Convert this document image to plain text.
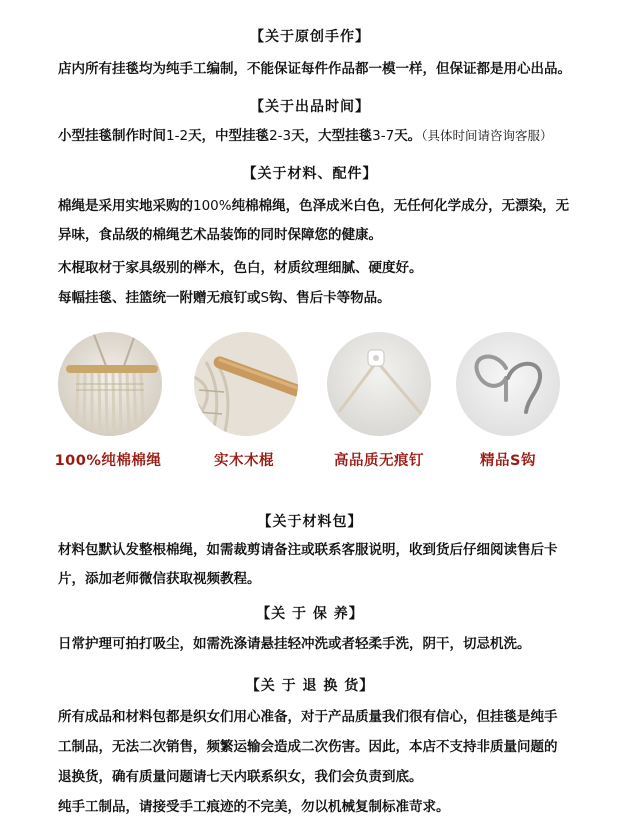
【关于原创手作】
店内所有挂毯均为纯手工编制，不能保证每件作品都一模一样，但保证都是用心出品。
【关于出品时间】
小型挂毯制作时间1-2天，中型挂毯2-3天，大型挂毯3-7天。（具体时间请咨询客服）
【关于材料、配件】
棉绳是采用实地采购的100%纯棉棉绳，色泽成米白色，无任何化学成分，无漂染，无
异味，食品级的棉绳艺术品装饰的同时保障您的健康。
木棍取材于家具级别的榉木，色白，材质纹理细腻、硬度好。
每幅挂毯、挂篮统一附赠无痕钉或S钩、售后卡等物品。
100%纯棉棉绳	实木木棍	高品质无痕钉	精品S钩
【关于材料包】
材料包默认发整根棉绳，如需裁剪请备注或联系客服说明，收到货后仔细阅读售后卡
片，添加老师微信获取视频教程。
【关 于 保 养】
日常护理可拍打吸尘，如需洗涤请悬挂轻冲洗或者轻柔手洗，阴干，切忌机洗。
【关 于 退 换 货】
所有成品和材料包都是织女们用心准备，对于产品质量我们很有信心，但挂毯是纯手
工制品，无法二次销售，频繁运输会造成二次伤害。因此，本店不支持非质量问题的
退换货，确有质量问题请七天内联系织女，我们会负责到底。
纯手工制品，请接受手工痕迹的不完美，勿以机械复制标准苛求。
